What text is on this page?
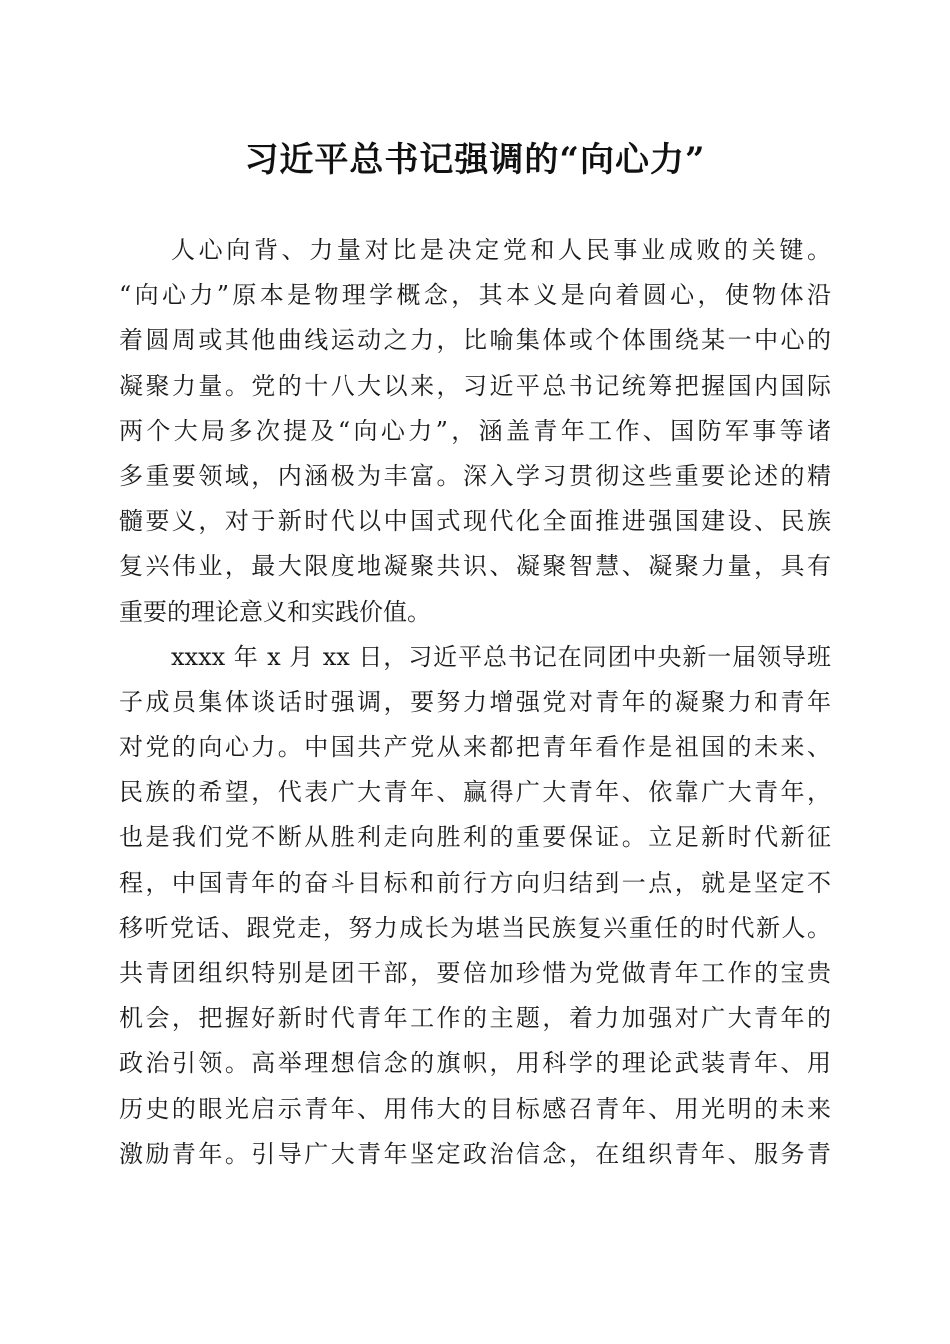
习近平总书记强调的“向心力”
人心向背、力量对比是决定党和人民事业成败的关键。
“向心力”原本是物理学概念，其本义是向着圆心，使物体沿
着圆周或其他曲线运动之力，比喻集体或个体围绕某一中心的
凝聚力量。党的十八大以来，习近平总书记统筹把握国内国际
两个大局多次提及“向心力”，涵盖青年工作、国防军事等诸
多重要领域，内涵极为丰富。深入学习贯彻这些重要论述的精
髓要义，对于新时代以中国式现代化全面推进强国建设、民族
复兴伟业，最大限度地凝聚共识、凝聚智慧、凝聚力量，具有
重要的理论意义和实践价值。
xxxx 年 x 月 xx 日，习近平总书记在同团中央新一届领导班
子成员集体谈话时强调，要努力增强党对青年的凝聚力和青年
对党的向心力。中国共产党从来都把青年看作是祖国的未来、
民族的希望，代表广大青年、赢得广大青年、依靠广大青年，
也是我们党不断从胜利走向胜利的重要保证。立足新时代新征
程，中国青年的奋斗目标和前行方向归结到一点，就是坚定不
移听党话、跟党走，努力成长为堪当民族复兴重任的时代新人。
共青团组织特别是团干部，要倍加珍惜为党做青年工作的宝贵
机会，把握好新时代青年工作的主题，着力加强对广大青年的
政治引领。高举理想信念的旗帜，用科学的理论武装青年、用
历史的眼光启示青年、用伟大的目标感召青年、用光明的未来
激励青年。引导广大青年坚定政治信念，在组织青年、服务青
